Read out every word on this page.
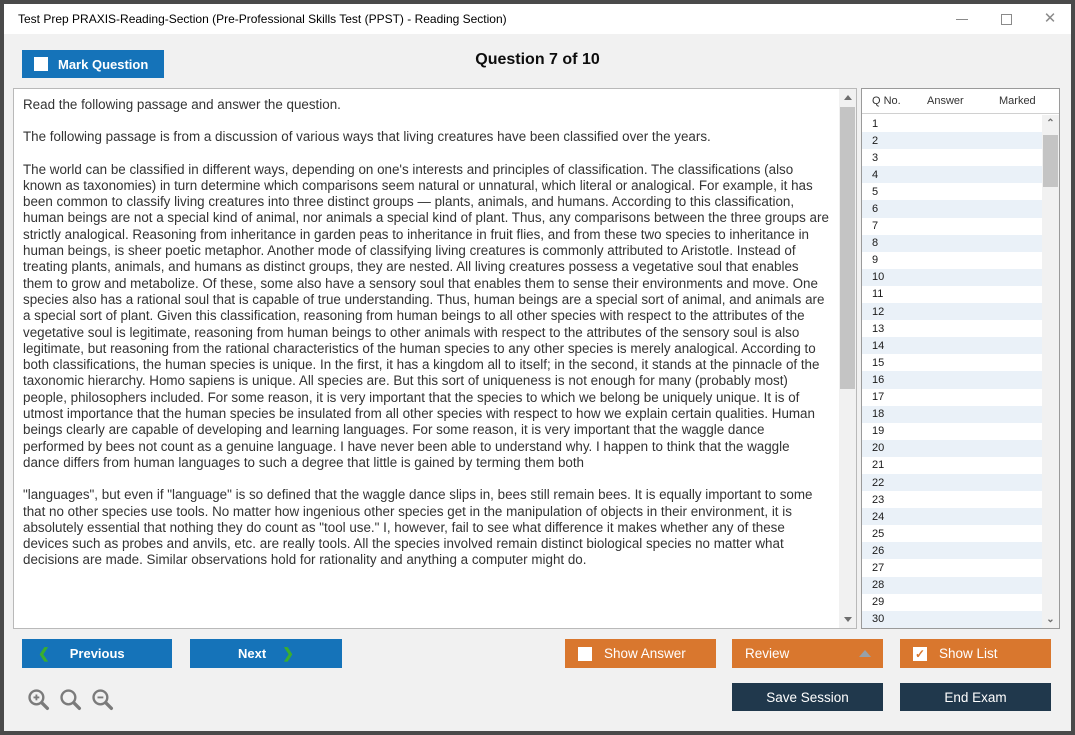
Test Prep PRAXIS-Reading-Section (Pre-Professional Skills Test (PPST) - Reading Section)	✕
Question 7 of 10
Mark Question

Read the following passage and answer the question.

The following passage is from a discussion of various ways that living creatures have been classified over the years.

The world can be classified in different ways, depending on one's interests and principles of classification. The classifications (also known as taxonomies) in turn determine which comparisons seem natural or unnatural, which literal or analogical. For example, it has been common to classify living creatures into three distinct groups — plants, animals, and humans. According to this classification, human beings are not a special kind of animal, nor animals a special kind of plant. Thus, any comparisons between the three groups are strictly analogical. Reasoning from inheritance in garden peas to inheritance in fruit flies, and from these two species to inheritance in human beings, is sheer poetic metaphor. Another mode of classifying living creatures is commonly attributed to Aristotle. Instead of treating plants, animals, and humans as distinct groups, they are nested. All living creatures possess a vegetative soul that enables them to grow and metabolize. Of these, some also have a sensory soul that enables them to sense their environments and move. One species also has a rational soul that is capable of true understanding. Thus, human beings are a special sort of animal, and animals are a special sort of plant. Given this classification, reasoning from human beings to all other species with respect to the attributes of the vegetative soul is legitimate, reasoning from human beings to other animals with respect to the attributes of the sensory soul is also legitimate, but reasoning from the rational characteristics of the human species to any other species is merely analogical. According to both classifications, the human species is unique. In the first, it has a kingdom all to itself; in the second, it stands at the pinnacle of the taxonomic hierarchy. Homo sapiens is unique. All species are. But this sort of uniqueness is not enough for many (probably most) people, philosophers included. For some reason, it is very important that the species to which we belong be uniquely unique. It is of utmost importance that the human species be insulated from all other species with respect to how we explain certain qualities. Human beings clearly are capable of developing and learning languages. For some reason, it is very important that the waggle dance performed by bees not count as a genuine language. I have never been able to understand why. I happen to think that the waggle dance differs from human languages to such a degree that little is gained by terming them both

"languages", but even if "language" is so defined that the waggle dance slips in, bees still remain bees. It is equally important to some that no other species use tools. No matter how ingenious other species get in the manipulation of objects in their environment, it is absolutely essential that nothing they do count as "tool use." I, however, fail to see what difference it makes whether any of these devices such as probes and anvils, etc. are really tools. All the species involved remain distinct biological species no matter what decisions are made. Similar observations hold for rationality and anything a computer might do.

Q No.	Answer	Marked
1
2
3
4
5
6
7
8
9
10
11
12
13
14
15
16
17
18
19
20
21
22
23
24
25
26
27
28
29
30
⌃
⌄
❮ Previous	Next ❯	Show Answer	Review	✓ Show List
Save Session	End Exam
